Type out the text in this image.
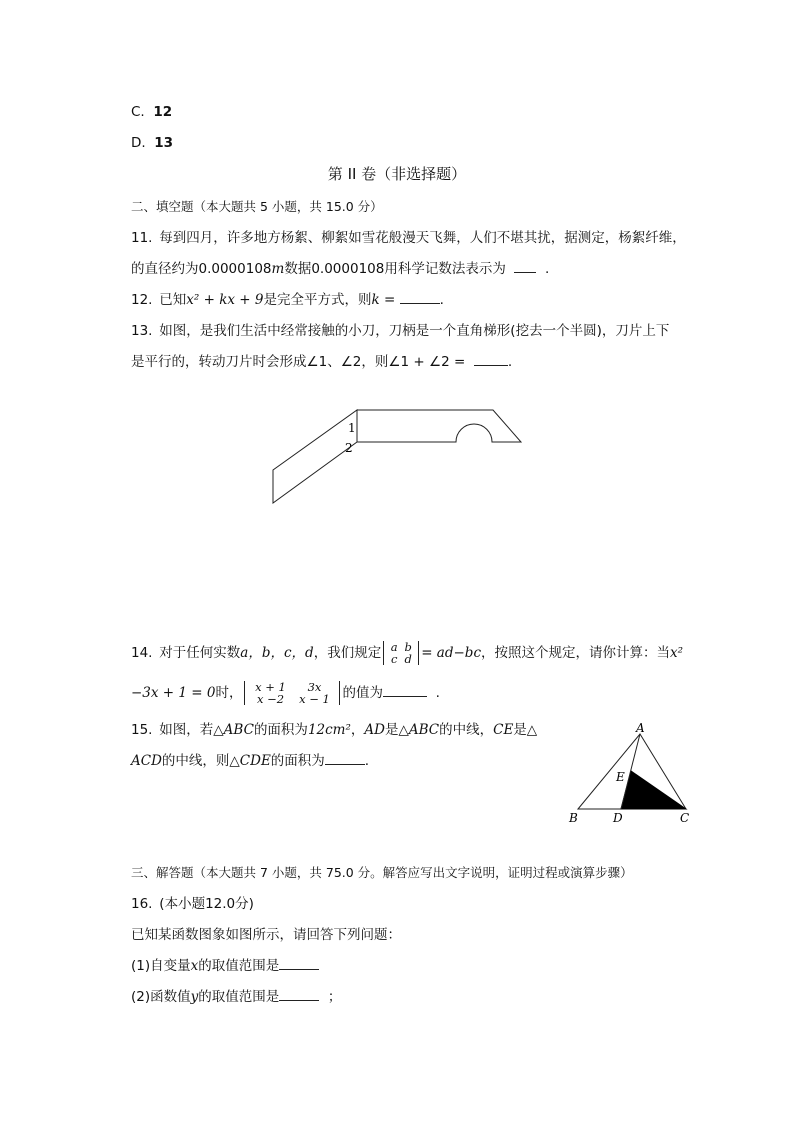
C. 12
D. 13
第 II 卷（非选择题）
二、填空题（本大题共 5 小题，共 15.0 分）
11. 每到四月，许多地方杨絮、柳絮如雪花般漫天飞舞，人们不堪其扰，据测定，杨絮纤维，
的直径约为0.0000108m数据0.0000108用科学记数法表示为	.
12. 已知x² + kx + 9是完全平方式，则k =	.
13. 如图，是我们生活中经常接触的小刀，刀柄是一个直角梯形(挖去一个半圆)，刀片上下
是平行的，转动刀片时会形成∠1、∠2，则∠1 + ∠2 =	.
1
2
14. 对于任何实数a，b，c，d，我们规定 a b
c d = ad−bc，按照这个规定，请你计算：当x²
−3x + 1 = 0时， x + 1 3x
x −2 x − 1 的值为	.
15. 如图，若△ABC的面积为12cm²，AD是△ABC的中线，CE是△
ACD的中线，则△CDE的面积为	.
A
B	D	C
E
三、解答题（本大题共 7 小题，共 75.0 分。解答应写出文字说明，证明过程或演算步骤）
16. (本小题12.0分)
已知某函数图象如图所示，请回答下列问题：
(1)自变量x的取值范围是
(2)函数值y的取值范围是	；
